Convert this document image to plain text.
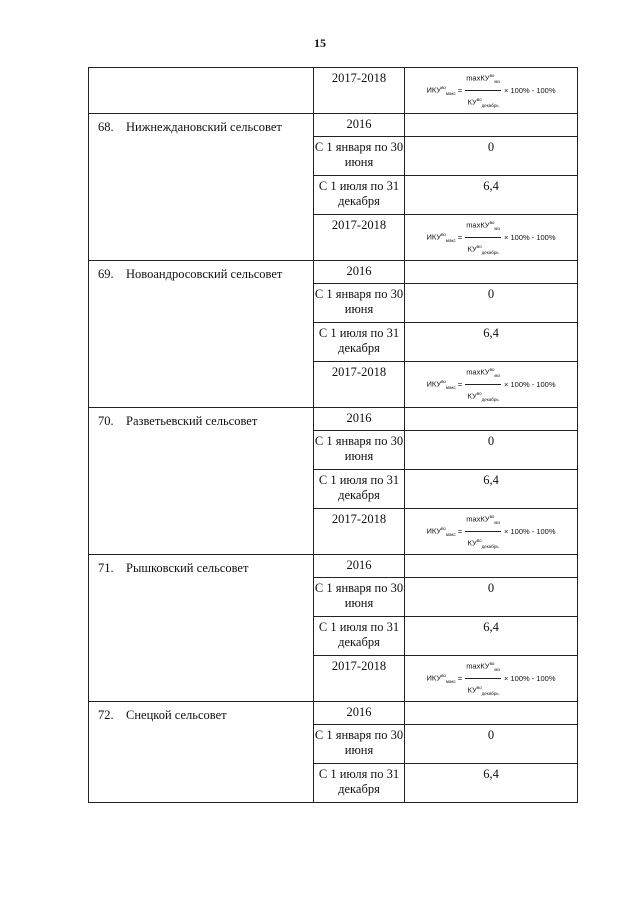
15

	2017-2018	$ИКУ^{во}_{макс} = \frac{\max КУ^{во}_{мо}}{КУ^{во}_{декабрь}} \times 100\% - 100\%$

68. Нижнеждановский сельсовет	2016	

	С 1 января по 30 июня	0

	С 1 июля по 31 декабря	6,4

	2017-2018	$ИКУ^{во}_{макс} = \frac{\max КУ^{во}_{мо}}{КУ^{во}_{декабрь}} \times 100\% - 100\%$

69. Новоандросовский сельсовет	2016	

	С 1 января по 30 июня	0

	С 1 июля по 31 декабря	6,4

	2017-2018	$ИКУ^{во}_{макс} = \frac{\max КУ^{во}_{мо}}{КУ^{во}_{декабрь}} \times 100\% - 100\%$

70. Разветьевский сельсовет	2016	

	С 1 января по 30 июня	0

	С 1 июля по 31 декабря	6,4

	2017-2018	$ИКУ^{во}_{макс} = \frac{\max КУ^{во}_{мо}}{КУ^{во}_{декабрь}} \times 100\% - 100\%$

71. Рышковский сельсовет	2016	

	С 1 января по 30 июня	0

	С 1 июля по 31 декабря	6,4

	2017-2018	$ИКУ^{во}_{макс} = \frac{\max КУ^{во}_{мо}}{КУ^{во}_{декабрь}} \times 100\% - 100\%$

72. Снецкой сельсовет	2016	

	С 1 января по 30 июня	0

	С 1 июля по 31 декабря	6,4
